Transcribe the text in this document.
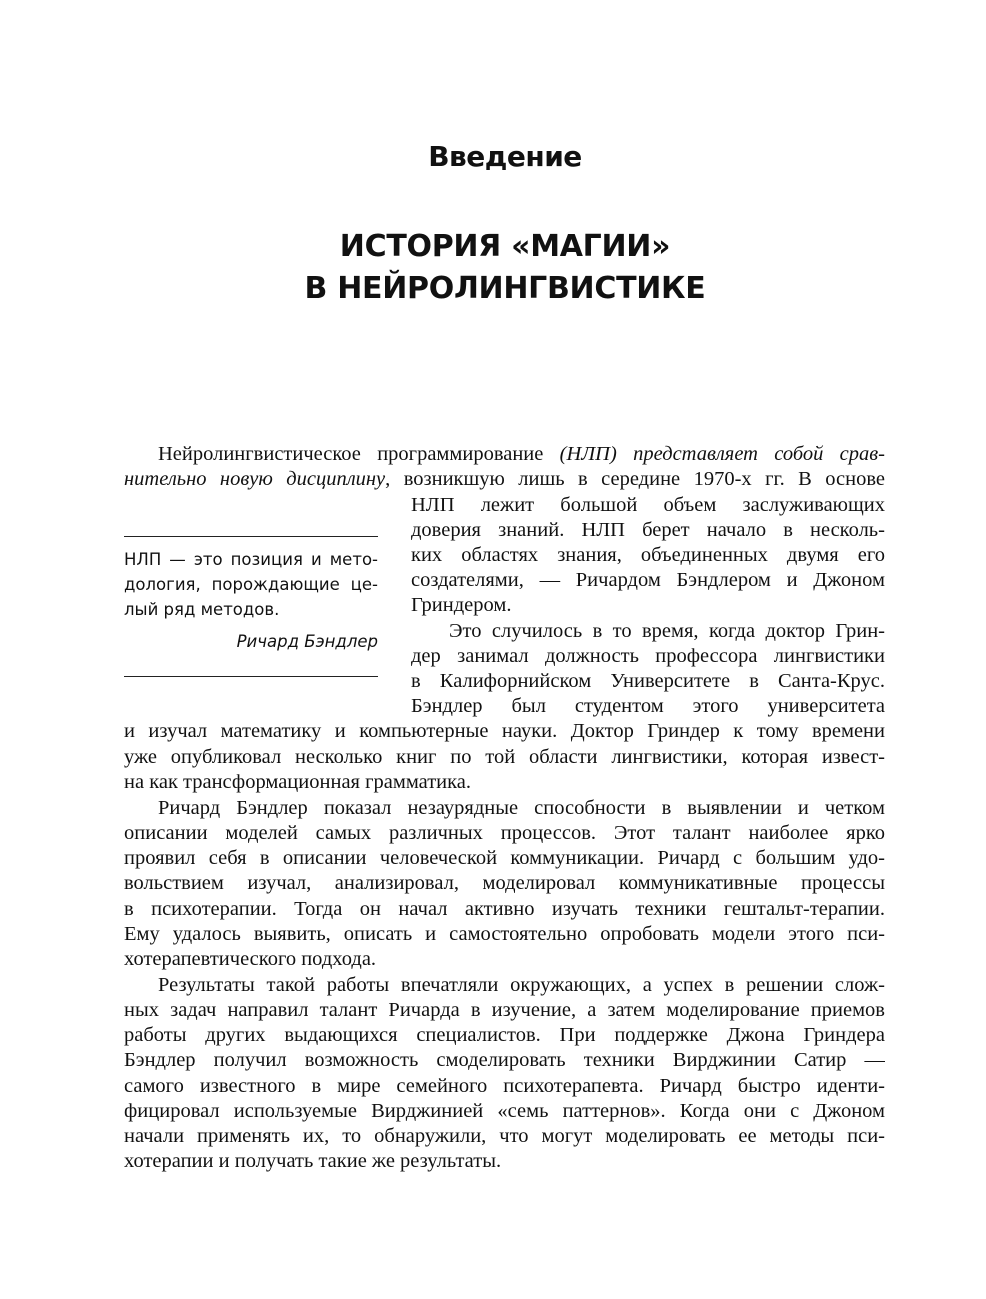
Введение
ИСТОРИЯ «МАГИИ»
В НЕЙРОЛИНГВИСТИКЕ
Нейролингвистическое программирование (НЛП) представляет собой срав-
нительно новую дисциплину, возникшую лишь в середине 1970-х гг. В основе
НЛП лежит большой объем заслуживающих
доверия знаний. НЛП берет начало в несколь-
ких областях знания, объединенных двумя его
создателями, — Ричардом Бэндлером и Джоном
Гриндером.
Это случилось в то время, когда доктор Грин-
дер занимал должность профессора лингвистики
в Калифорнийском Университете в Санта-Крус.
Бэндлер был студентом этого университета
и изучал математику и компьютерные науки. Доктор Гриндер к тому времени
уже опубликовал несколько книг по той области лингвистики, которая извест-
на как трансформационная грамматика.
Ричард Бэндлер показал незаурядные способности в выявлении и четком
описании моделей самых различных процессов. Этот талант наиболее ярко
проявил себя в описании человеческой коммуникации. Ричард с большим удо-
вольствием изучал, анализировал, моделировал коммуникативные процессы
в психотерапии. Тогда он начал активно изучать техники гештальт-терапии.
Ему удалось выявить, описать и самостоятельно опробовать модели этого пси-
хотерапевтического подхода.
Результаты такой работы впечатляли окружающих, а успех в решении слож-
ных задач направил талант Ричарда в изучение, а затем моделирование приемов
работы других выдающихся специалистов. При поддержке Джона Гриндера
Бэндлер получил возможность смоделировать техники Вирджинии Сатир —
самого известного в мире семейного психотерапевта. Ричард быстро иденти-
фицировал используемые Вирджинией «семь паттернов». Когда они с Джоном
начали применять их, то обнаружили, что могут моделировать ее методы пси-
хотерапии и получать такие же результаты.
НЛП — это позиция и мето-
дология, порождающие це-
лый ряд методов.
Ричард Бэндлер
